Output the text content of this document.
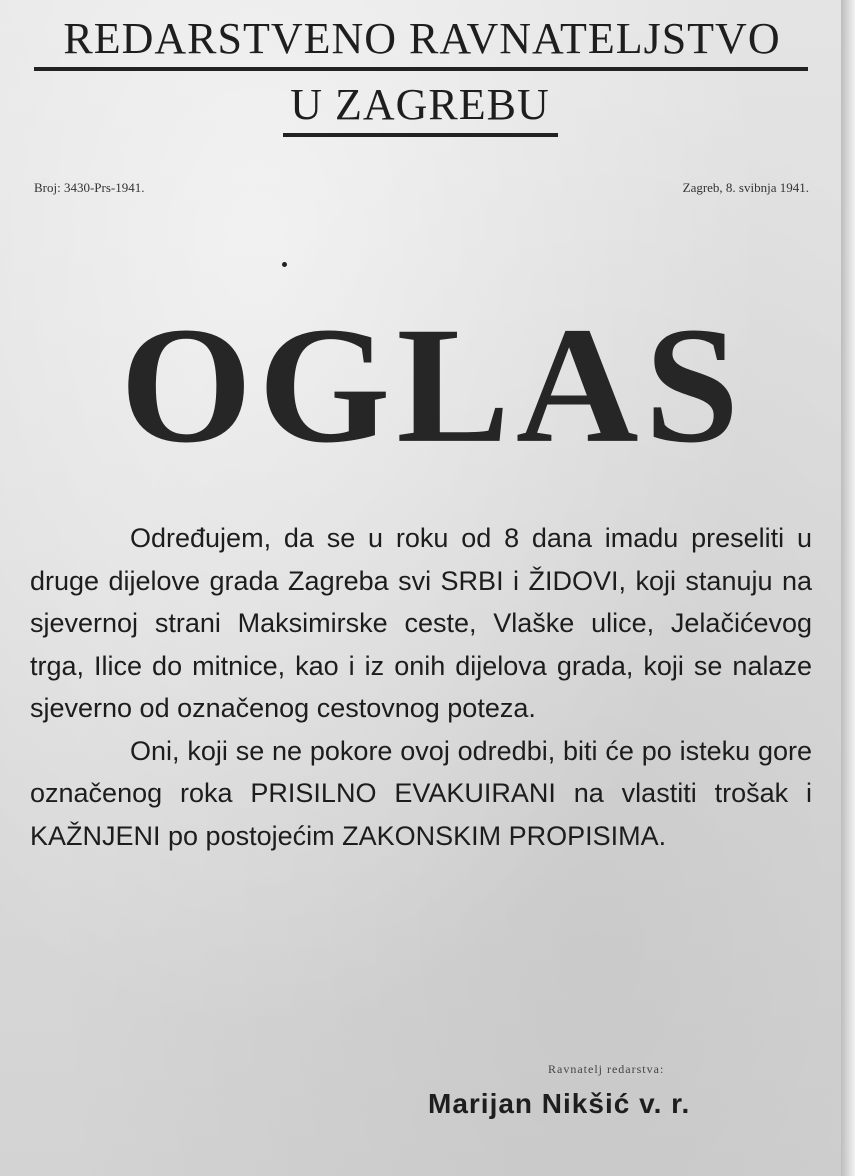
REDARSTVENO RAVNATELJSTVO
U ZAGREBU
Broj: 3430-Prs-1941.	Zagreb, 8. svibnja 1941.
OGLAS

Određujem, da se u roku od 8 dana imadu preseliti u druge dijelove grada Zagreba svi SRBI i ŽIDOVI, koji stanuju na sjevernoj strani Maksimirske ceste, Vlaške ulice, Jelačićevog trga, Ilice do mitnice, kao i iz onih dijelova grada, koji se nalaze sjeverno od označenog cestovnog poteza.

Oni, koji se ne pokore ovoj odredbi, biti će po isteku gore označenog roka PRISILNO EVAKUIRANI na vlastiti trošak i KAŽNJENI po postojećim ZAKONSKIM PROPISIMA.

Ravnatelj redarstva:
Marijan Nikšić v. r.
